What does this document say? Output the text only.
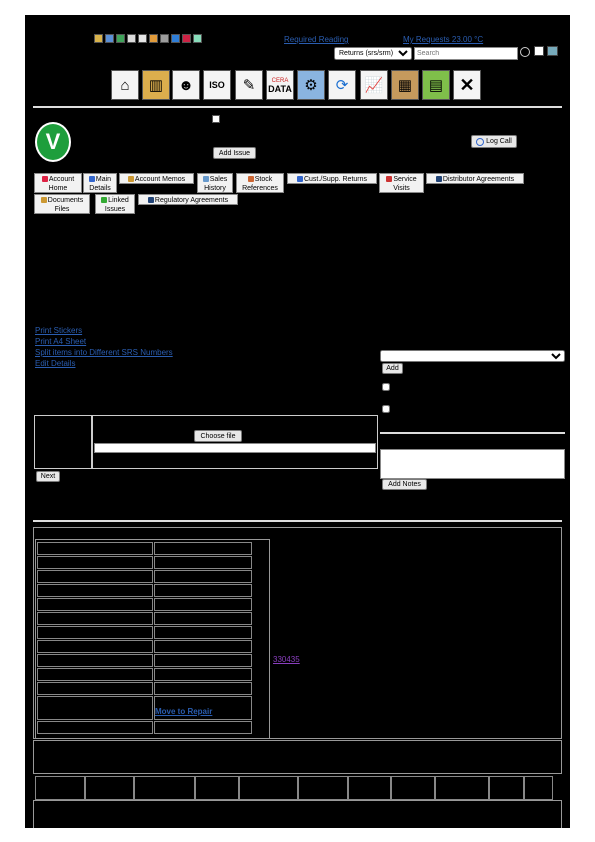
Required Reading	My Requests 23.00 °C
Returns (srs/srm)
Search
⌂	▥	☻	ISO	✎	CERA
DATA ⚙	⟳	📈 ▦	▤ ✕
V	Add Issue
Log Call
Account
Home
Main
Details
Account Memos	Sales
History
Stock
References
Cust./Supp. Returns	Service
Visits
Distributor Agreements
Documents
Files
Linked
Issues
Regulatory Agreements
Print Stickers
Print A4 Sheet
Split items into Different SRS Numbers
Edit Details
Add
Add Notes
Choose file
Next
330435
Move to Repair
